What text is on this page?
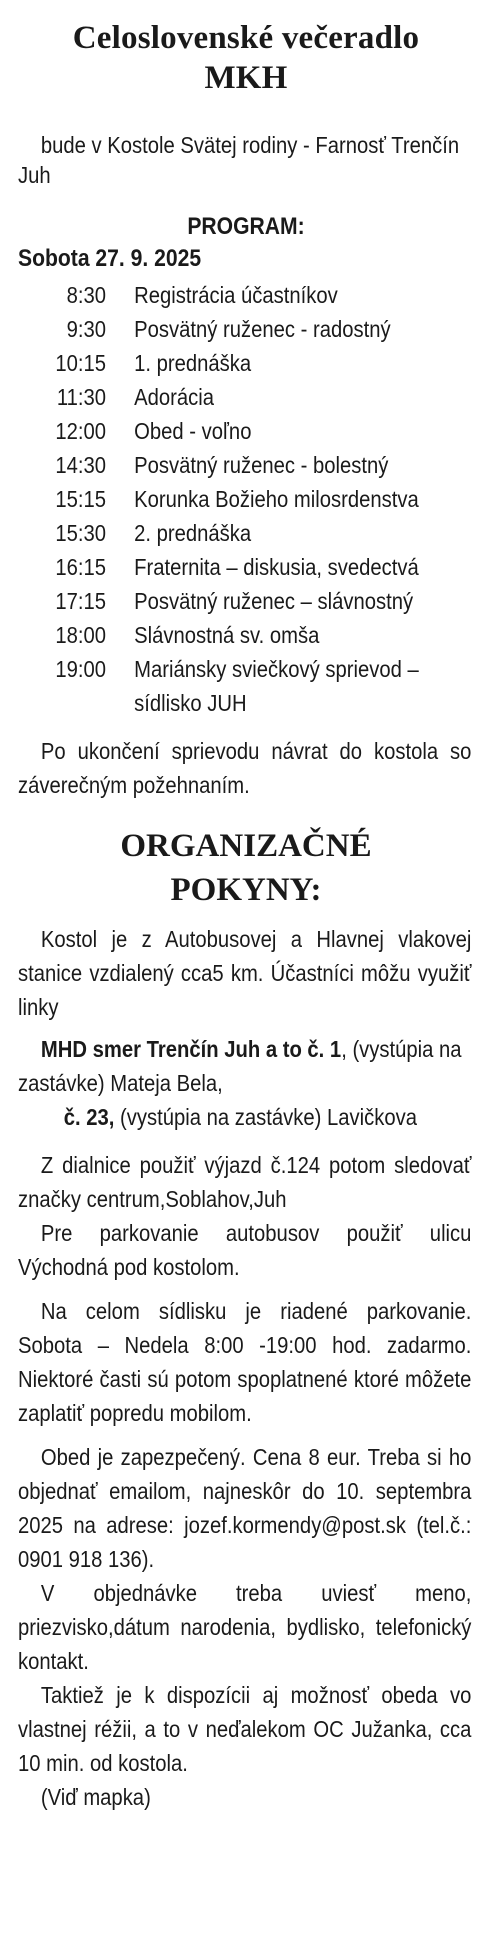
Celoslovenské večeradlo
MKH

bude v Kostole Svätej rodiny - Farnosť Trenčín Juh

PROGRAM:
Sobota 27. 9. 2025
8:30	Registrácia účastníkov
9:30	Posvätný ruženec - radostný
10:15	1. prednáška
11:30	Adorácia
12:00	Obed - voľno
14:30	Posvätný ruženec - bolestný
15:15	Korunka Božieho milosrdenstva
15:30	2. prednáška
16:15	Fraternita – diskusia, svedectvá
17:15	Posvätný ruženec – slávnostný
18:00	Slávnostná sv. omša
19:00	Mariánsky sviečkový sprievod – sídlisko JUH

Po ukončení sprievodu návrat do kostola so záverečným požehnaním.

ORGANIZAČNÉ
POKYNY:

Kostol je z Autobusovej a Hlavnej vlakovej stanice vzdialený cca5 km. Účastníci môžu využiť linky

MHD smer Trenčín Juh a to č. 1, (vystúpia na zastávke) Mateja Bela,

č. 23, (vystúpia na zastávke) Lavičkova

Z dialnice použiť výjazd č.124 potom sledovať značky centrum,Soblahov,Juh

Pre parkovanie autobusov použiť ulicu Východná pod kostolom.

Na celom sídlisku je riadené parkovanie. Sobota – Nedela 8:00 -19:00 hod. zadarmo. Niektoré časti sú potom spoplatnené ktoré môžete zaplatiť popredu mobilom.

Obed je zapezpečený. Cena 8 eur. Treba si ho objednať emailom, najneskôr do 10. septembra 2025 na adrese: jozef.kormendy@post.sk (tel.č.: 0901 918 136).

V objednávke treba uviesť meno, priezvisko,dátum narodenia, bydlisko, telefonický kontakt.

Taktiež je k dispozícii aj možnosť obeda vo vlastnej réžii, a to v neďalekom OC Južanka, cca 10 min. od kostola.

(Viď mapka)
